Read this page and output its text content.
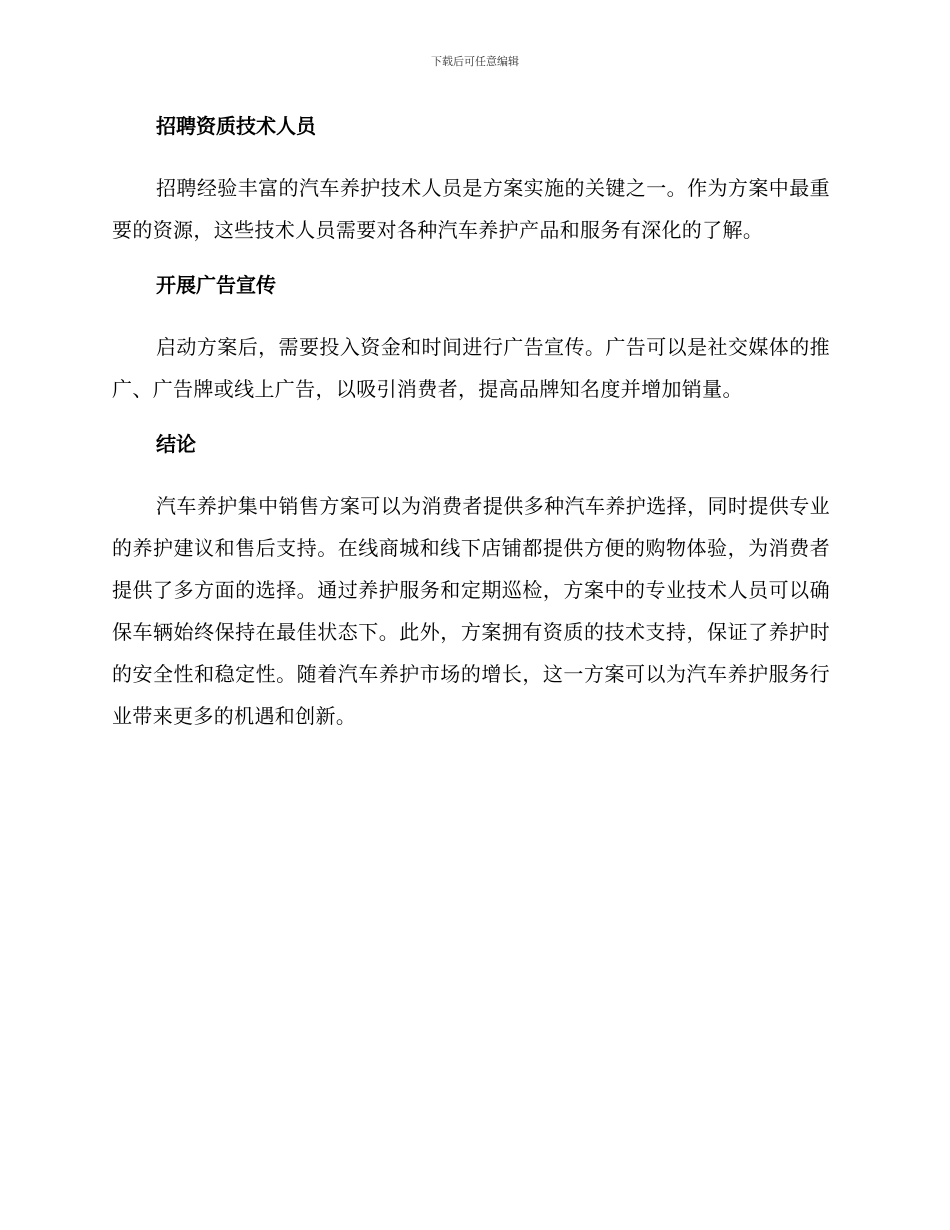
下载后可任意编辑
招聘资质技术人员

招聘经验丰富的汽车养护技术人员是方案实施的关键之一。作为方案中最重要的资源，这些技术人员需要对各种汽车养护产品和服务有深化的了解。

开展广告宣传

启动方案后，需要投入资金和时间进行广告宣传。广告可以是社交媒体的推广、广告牌或线上广告，以吸引消费者，提高品牌知名度并增加销量。

结论

汽车养护集中销售方案可以为消费者提供多种汽车养护选择，同时提供专业的养护建议和售后支持。在线商城和线下店铺都提供方便的购物体验，为消费者提供了多方面的选择。通过养护服务和定期巡检，方案中的专业技术人员可以确保车辆始终保持在最佳状态下。此外，方案拥有资质的技术支持，保证了养护时的安全性和稳定性。随着汽车养护市场的增长，这一方案可以为汽车养护服务行业带来更多的机遇和创新。
